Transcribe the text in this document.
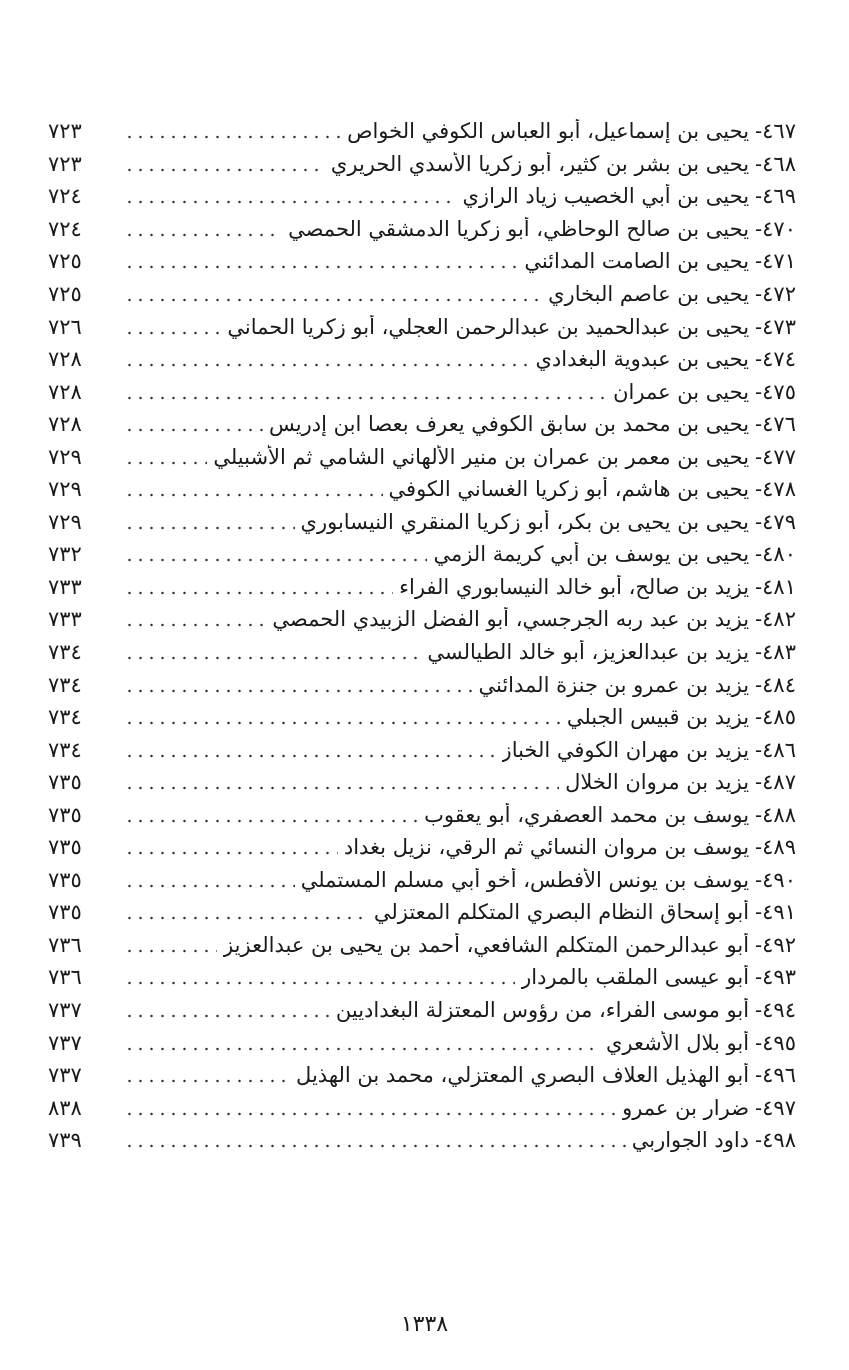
٤٦٧-
يحيى بن إسماعيل، أبو العباس الكوفي الخواص
٧٢٣
٤٦٨-
يحيى بن بشر بن كثير، أبو زكريا الأسدي الحريري
٧٢٣
٤٦٩-
يحيى بن أبي الخصيب زياد الرازي
٧٢٤
٤٧٠-
يحيى بن صالح الوحاظي، أبو زكريا الدمشقي الحمصي
٧٢٤
٤٧١-
يحيى بن الصامت المدائني
٧٢٥
٤٧٢-
يحيى بن عاصم البخاري
٧٢٥
٤٧٣-
يحيى بن عبدالحميد بن عبدالرحمن العجلي، أبو زكريا الحماني
٧٢٦
٤٧٤-
يحيى بن عبدوية البغدادي
٧٢٨
٤٧٥-
يحيى بن عمران
٧٢٨
٤٧٦-
يحيى بن محمد بن سابق الكوفي يعرف بعصا ابن إدريس
٧٢٨
٤٧٧-
يحيى بن معمر بن عمران بن منير الألهاني الشامي ثم الأشبيلي
٧٢٩
٤٧٨-
يحيى بن هاشم، أبو زكريا الغساني الكوفي
٧٢٩
٤٧٩-
يحيى بن يحيى بن بكر، أبو زكريا المنقري النيسابوري
٧٢٩
٤٨٠-
يحيى بن يوسف بن أبي كريمة الزمي
٧٣٢
٤٨١-
يزيد بن صالح، أبو خالد النيسابوري الفراء
٧٣٣
٤٨٢-
يزيد بن عبد ربه الجرجسي، أبو الفضل الزبيدي الحمصي
٧٣٣
٤٨٣-
يزيد بن عبدالعزيز، أبو خالد الطيالسي
٧٣٤
٤٨٤-
يزيد بن عمرو بن جنزة المدائني
٧٣٤
٤٨٥-
يزيد بن قبيس الجبلي
٧٣٤
٤٨٦-
يزيد بن مهران الكوفي الخباز
٧٣٤
٤٨٧-
يزيد بن مروان الخلال
٧٣٥
٤٨٨-
يوسف بن محمد العصفري، أبو يعقوب
٧٣٥
٤٨٩-
يوسف بن مروان النسائي ثم الرقي، نزيل بغداد
٧٣٥
٤٩٠-
يوسف بن يونس الأفطس، أخو أبي مسلم المستملي
٧٣٥
٤٩١-
أبو إسحاق النظام البصري المتكلم المعتزلي
٧٣٥
٤٩٢-
أبو عبدالرحمن المتكلم الشافعي، أحمد بن يحيى بن عبدالعزيز
٧٣٦
٤٩٣-
أبو عيسى الملقب بالمردار
٧٣٦
٤٩٤-
أبو موسى الفراء، من رؤوس المعتزلة البغداديين
٧٣٧
٤٩٥-
أبو بلال الأشعري
٧٣٧
٤٩٦-
أبو الهذيل العلاف البصري المعتزلي، محمد بن الهذيل
٧٣٧
٤٩٧-
ضرار بن عمرو
٨٣٨
٤٩٨-
داود الجواربي
٧٣٩
١٣٣٨
